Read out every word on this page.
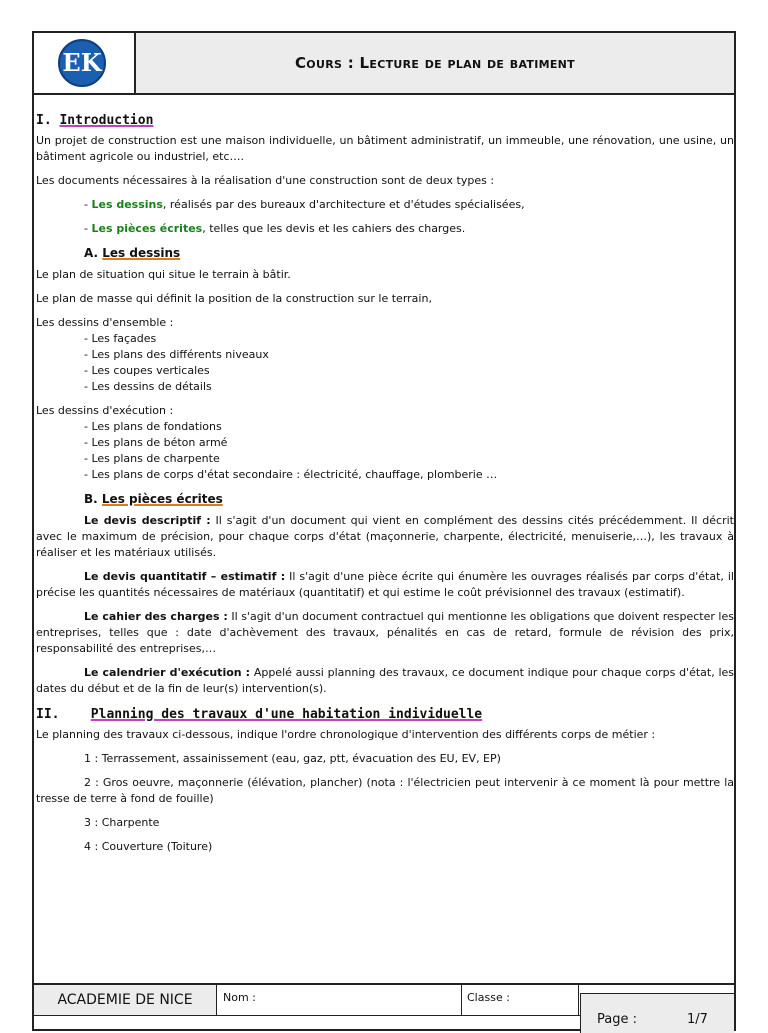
EK	Cours : Lecture de plan de batiment
I. Introduction

Un projet de construction est une maison individuelle, un bâtiment administratif, un immeuble, une rénovation, une usine, un bâtiment agricole ou industriel, etc….

Les documents nécessaires à la réalisation d'une construction sont de deux types :

- Les dessins, réalisés par des bureaux d'architecture et d'études spécialisées,

- Les pièces écrites, telles que les devis et les cahiers des charges.

A. Les dessins

Le plan de situation qui situe le terrain à bâtir.

Le plan de masse qui définit la position de la construction sur le terrain,

Les dessins d'ensemble :
- Les façades
- Les plans des différents niveaux
- Les coupes verticales
- Les dessins de détails
Les dessins d'exécution :
- Les plans de fondations
- Les plans de béton armé
- Les plans de charpente
- Les plans de corps d'état secondaire : électricité, chauffage, plomberie …
B. Les pièces écrites

Le devis descriptif : Il s'agit d'un document qui vient en complément des dessins cités précédemment. Il décrit avec le maximum de précision, pour chaque corps d'état (maçonnerie, charpente, électricité, menuiserie,…), les travaux à réaliser et les matériaux utilisés.

Le devis quantitatif – estimatif : Il s'agit d'une pièce écrite qui énumère les ouvrages réalisés par corps d'état, il précise les quantités nécessaires de matériaux (quantitatif) et qui estime le coût prévisionnel des travaux (estimatif).

Le cahier des charges : Il s'agit d'un document contractuel qui mentionne les obligations que doivent respecter les entreprises, telles que : date d'achèvement des travaux, pénalités en cas de retard, formule de révision des prix, responsabilité des entreprises,…

Le calendrier d'exécution : Appelé aussi planning des travaux, ce document indique pour chaque corps d'état, les dates du début et de la fin de leur(s) intervention(s).

II. Planning des travaux d'une habitation individuelle

Le planning des travaux ci-dessous, indique l'ordre chronologique d'intervention des différents corps de métier :

1 : Terrassement, assainissement (eau, gaz, ptt, évacuation des EU, EV, EP)

2 : Gros oeuvre, maçonnerie (élévation, plancher) (nota : l'électricien peut intervenir à ce moment là pour mettre la tresse de terre à fond de fouille)

3 : Charpente

4 : Couverture (Toiture)

ACADEMIE DE NICE	Nom :	Classe :
Page :	1/7
